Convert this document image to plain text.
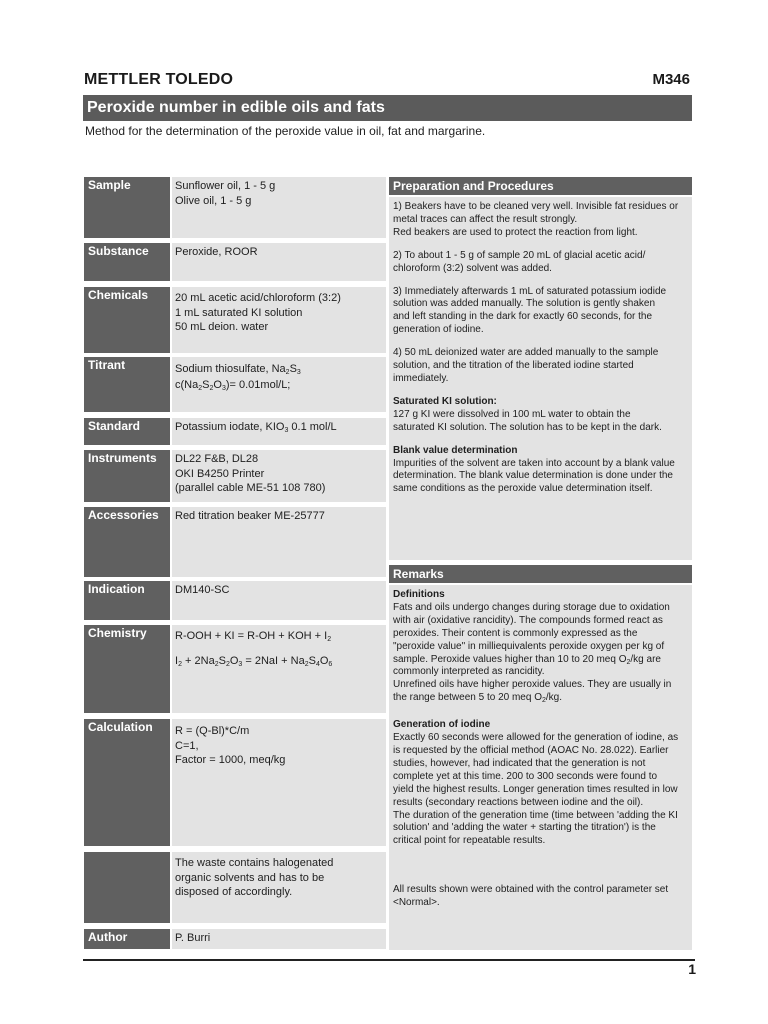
METTLER TOLEDO	M346
Peroxide number in edible oils and fats
Method for the determination of the peroxide value in oil, fat and margarine.
Sample	Sunflower oil, 1 - 5 g
Olive oil, 1 - 5 g
Substance	Peroxide, ROOR
Chemicals	20 mL acetic acid/chloroform (3:2)
1 mL saturated KI solution
50 mL deion. water
Titrant	Sodium thiosulfate, $Na_2S_3$
$c(Na_2S_2O_3)= 0.01mol/L$;
Standard	Potassium iodate, $KIO_3$ 0.1 mol/L
Instruments	DL22 F&B, DL28
OKI B4250 Printer
(parallel cable ME-51 108 780)
Accessories	Red titration beaker ME-25777
Indication	DM140-SC
Chemistry	R-OOH + KI = R-OH + KOH + $I_2$
$I_2 + 2Na_2S_2O_3 = 2NaI + Na_2S_4O_6$
Calculation	R = (Q-Bl)*C/m
C=1,
Factor = 1000, meq/kg
The waste contains halogenated
organic solvents and has to be
disposed of accordingly.
Author	P. Burri
Preparation and Procedures

1) Beakers have to be cleaned very well. Invisible fat residues or
metal traces can affect the result strongly.
Red beakers are used to protect the reaction from light.

2) To about 1 - 5 g of sample 20 mL of glacial acetic acid/
chloroform (3:2) solvent was added.

3) Immediately afterwards 1 mL of saturated potassium iodide
solution was added manually. The solution is gently shaken
and left standing in the dark for exactly 60 seconds, for the
generation of iodine.

4) 50 mL deionized water are added manually to the sample
solution, and the titration of the liberated iodine started
immediately.

Saturated KI solution:
127 g KI were dissolved in 100 mL water to obtain the
saturated KI solution. The solution has to be kept in the dark.

Blank value determination
Impurities of the solvent are taken into account by a blank value
determination. The blank value determination is done under the
same conditions as the peroxide value determination itself.

Remarks

Definitions
Fats and oils undergo changes during storage due to oxidation
with air (oxidative rancidity). The compounds formed react as
peroxides. Their content is commonly expressed as the
"peroxide value" in milliequivalents peroxide oxygen per kg of
sample. Peroxide values higher than 10 to 20 meq $O_2/kg$ are
commonly interpreted as rancidity.
Unrefined oils have higher peroxide values. They are usually in
the range between 5 to 20 meq $O_2/kg$.

Generation of iodine
Exactly 60 seconds were allowed for the generation of iodine, as
is requested by the official method (AOAC No. 28.022). Earlier
studies, however, had indicated that the generation is not
complete yet at this time. 200 to 300 seconds were found to
yield the highest results. Longer generation times resulted in low
results (secondary reactions between iodine and the oil).
The duration of the generation time (time between 'adding the KI
solution' and 'adding the water + starting the titration') is the
critical point for repeatable results.

All results shown were obtained with the control parameter set
<Normal>.

1
